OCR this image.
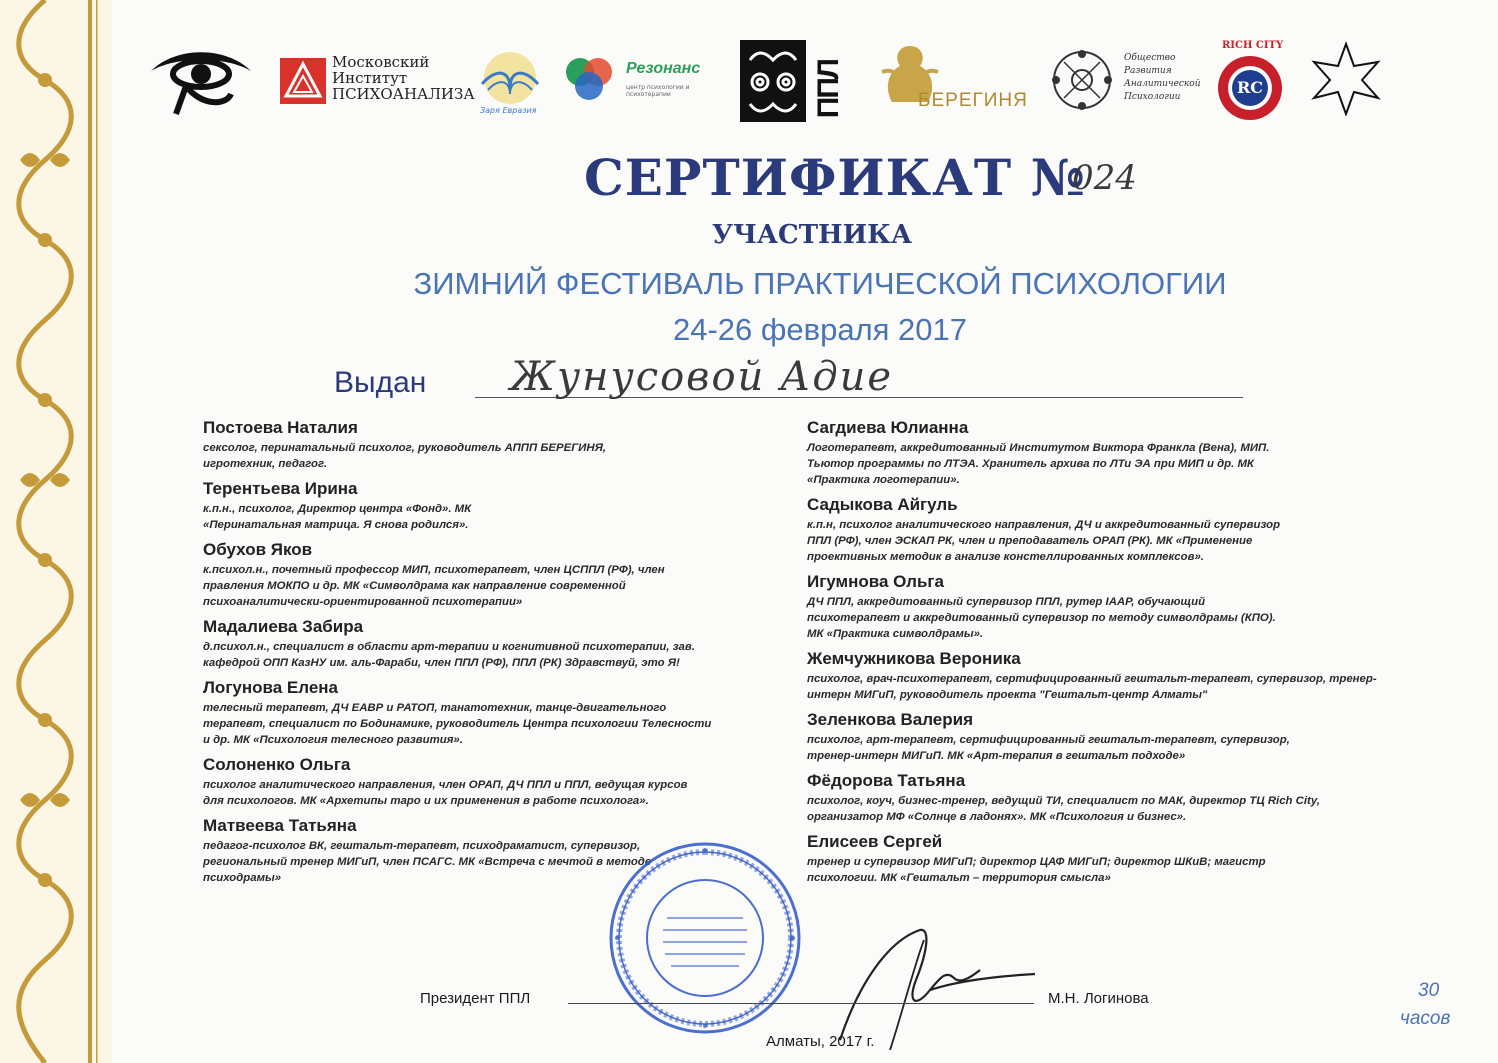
Московский
Институт
ПСИХОАНАЛИЗА
Заря Евразия
Резонанс
центр психологии и психотерапии	ППЛ	БЕРЕГИНЯ
Общество
Развития
Аналитической
Психологии
RICH CITY
RC
СЕРТИФИКАТ №
024
УЧАСТНИКА
ЗИМНИЙ ФЕСТИВАЛЬ ПРАКТИЧЕСКОЙ ПСИХОЛОГИИ
24-26 февраля 2017
Выдан Жунусовой Адие
Постоева Наталия
сексолог, перинатальный психолог, руководитель АППП БЕРЕГИНЯ, игротехник, педагог.
Терентьева Ирина
к.п.н., психолог, Директор центра «Фонд». МК «Перинатальная матрица. Я снова родился».
Обухов Яков
к.психол.н., почетный профессор МИП, психотерапевт, член ЦСППЛ (РФ), член правления МОКПО и др. МК «Символдрама как направление современной психоаналитически-ориентированной психотерапии»
Мадалиева Забира
д.психол.н., специалист в области арт-терапии и когнитивной психотерапии, зав. кафедрой ОПП КазНУ им. аль-Фараби, член ППЛ (РФ), ППЛ (РК) Здравствуй, это Я!
Логунова Елена
телесный терапевт, ДЧ ЕАВР и РАТОП, танатотехник, танце-двигательного терапевт, специалист по Бодинамике, руководитель Центра психологии Телесности и др. МК «Психология телесного развития».
Солоненко Ольга
психолог аналитического направления, член ОРАП, ДЧ ППЛ и ППЛ, ведущая курсов для психологов. МК «Архетипы таро и их применения в работе психолога».
Матвеева Татьяна
педагог-психолог ВК, гештальт-терапевт, психодраматист, супервизор, региональный тренер МИГиП, член ПСАГС. МК «Встреча с мечтой в методе психодрамы»
Сагдиева Юлианна
Логотерапевт, аккредитованный Институтом Виктора Франкла (Вена), МИП. Тьютор программы по ЛТЭА. Хранитель архива по ЛТи ЭА при МИП и др. МК «Практика логотерапии».
Садыкова Айгуль
к.п.н, психолог аналитического направления, ДЧ и аккредитованный супервизор ППЛ (РФ), член ЭСКАП РК, член и преподаватель ОРАП (РК). МК «Применение проективных методик в анализе констеллированных комплексов».
Игумнова Ольга
ДЧ ППЛ, аккредитованный супервизор ППЛ, рутер IAAP, обучающий психотерапевт и аккредитованный супервизор по методу символдрамы (КПО). МК «Практика символдрамы».
Жемчужникова Вероника
психолог, врач-психотерапевт, сертифицированный гештальт-терапевт, супервизор, тренер-интерн МИГиП, руководитель проекта "Гештальт-центр Алматы"
Зеленкова Валерия
психолог, арт-терапевт, сертифицированный гештальт-терапевт, супервизор, тренер-интерн МИГиП. МК «Арт-терапия в гештальт подходе»
Фёдорова Татьяна
психолог, коуч, бизнес-тренер, ведущий ТИ, специалист по МАК, директор ТЦ Rich City, организатор МФ «Солнце в ладонях». МК «Психология и бизнес».
Елисеев Сергей
тренер и супервизор МИГиП; директор ЦАФ МИГиП; директор ШКиВ; магистр психологии. МК «Гештальт – территория смысла»
Президент ППЛ	М.Н. Логинова
Алматы, 2017 г.
30
часов
